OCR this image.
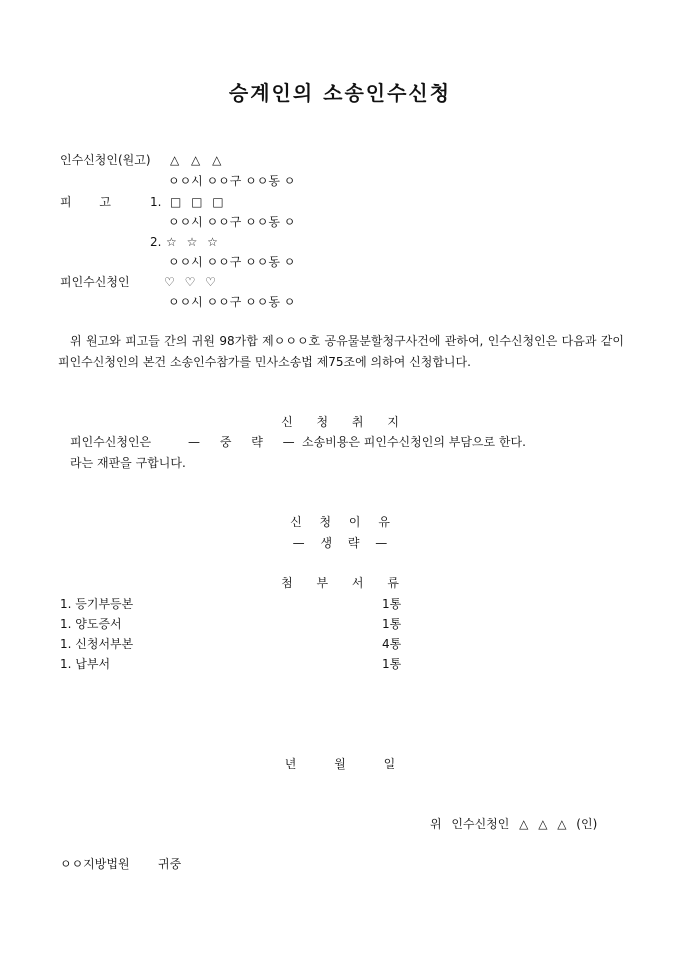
승계인의 소송인수신청
인수신청인(원고) △ △ △
ㅇㅇ시 ㅇㅇ구 ㅇㅇ동 ㅇ
피 고	1. □ □ □
ㅇㅇ시 ㅇㅇ구 ㅇㅇ동 ㅇ
2. ☆ ☆ ☆
ㅇㅇ시 ㅇㅇ구 ㅇㅇ동 ㅇ
피인수신청인	♡ ♡ ♡
ㅇㅇ시 ㅇㅇ구 ㅇㅇ동 ㅇ
위 원고와 피고들 간의 귀원 98가합 제ㅇㅇㅇ호 공유물분할청구사건에 관하여, 인수신청인은 다음과 같이 피인수신청인의 본건 소송인수참가를 민사소송법 제75조에 의하여 신청합니다.
신 청 취 지
피인수신청인은	— 중 략 — 소송비용은 피인수신청인의 부담으로 한다.
라는 재판을 구합니다.
신 청 이 유
— 생 략 —
첨 부 서 류
1. 등기부등본	1통
1. 양도증서	1통
1. 신청서부본	4통
1. 납부서	1통
년 월 일
위 인수신청인 △ △ △ (인)
ㅇㅇ지방법원 귀중
